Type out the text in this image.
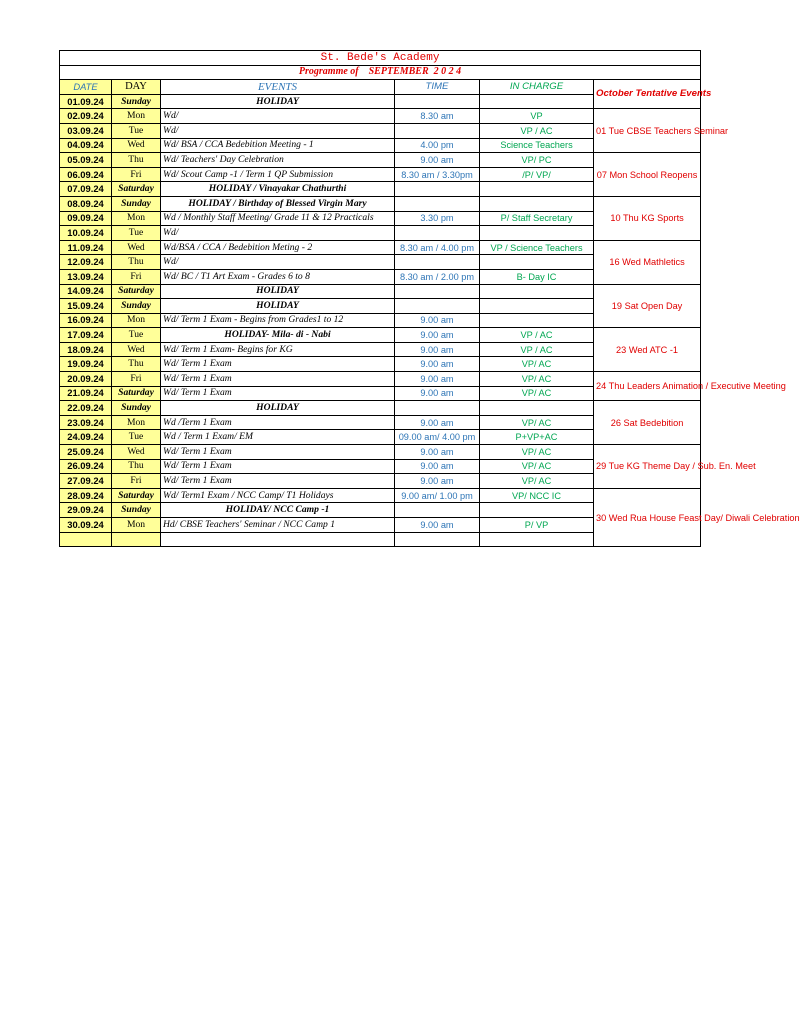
St. Bede's Academy						
Programme of    SEPTEMBER  2 0 2 4						
DATE	DAY	EVENTS	TIME	IN CHARGE	October Tentative Events	
01.09.24	Sunday	HOLIDAY				
02.09.24	Mon	Wd/	8.30 am	VP	01 Tue CBSE Teachers Seminar	
03.09.24	Tue	Wd/		VP / AC		
04.09.24	Wed	Wd/ BSA / CCA Bedebition Meeting - 1	4.00 pm	Science Teachers		
05.09.24	Thu	Wd/ Teachers' Day Celebration	9.00 am	VP/ PC	07 Mon School Reopens	
06.09.24	Fri	Wd/ Scout Camp -1 / Term 1 QP Submission	8.30 am / 3.30pm	/P/ VP/		
07.09.24	Saturday	HOLIDAY / Vinayakar Chathurthi				
08.09.24	Sunday	HOLIDAY / Birthday of Blessed Virgin Mary			10 Thu KG Sports	
09.09.24	Mon	Wd / Monthly Staff Meeting/ Grade 11 & 12 Practicals	3.30 pm	P/ Staff Secretary		
10.09.24	Tue	Wd/				
11.09.24	Wed	Wd/BSA / CCA / Bedebition Meting - 2	8.30 am / 4.00 pm	VP / Science Teachers	16 Wed Mathletics	
12.09.24	Thu	Wd/				
13.09.24	Fri	Wd/ BC / T1 Art Exam - Grades 6 to 8	8.30 am / 2.00 pm	B- Day IC		
14.09.24	Saturday	HOLIDAY			19 Sat Open Day	
15.09.24	Sunday	HOLIDAY				
16.09.24	Mon	Wd/ Term 1 Exam - Begins from Grades1 to 12	9.00 am			
17.09.24	Tue	HOLIDAY- Mila- di - Nabi	9.00 am	VP / AC	23 Wed ATC -1	
18.09.24	Wed	Wd/ Term 1 Exam- Begins for KG	9.00 am	VP / AC		
19.09.24	Thu	Wd/ Term 1 Exam	9.00 am	VP/ AC		
20.09.24	Fri	Wd/ Term 1 Exam	9.00 am	VP/ AC	24 Thu Leaders Animation / Executive Meeting	
21.09.24	Saturday	Wd/ Term 1 Exam	9.00 am	VP/ AC		
22.09.24	Sunday	HOLIDAY			26 Sat Bedebition	
23.09.24	Mon	Wd /Term 1 Exam	9.00 am	VP/ AC		
24.09.24	Tue	Wd / Term 1 Exam/ EM	09.00 am/ 4.00 pm	P+VP+AC		
25.09.24	Wed	Wd/ Term 1 Exam	9.00 am	VP/ AC	29 Tue KG Theme Day / Sub. En. Meet	
26.09.24	Thu	Wd/ Term 1 Exam	9.00 am	VP/ AC		
27.09.24	Fri	Wd/ Term 1 Exam	9.00 am	VP/ AC		
28.09.24	Saturday	Wd/ Term1 Exam / NCC Camp/ T1 Holidays	9.00 am/ 1.00 pm	VP/ NCC IC	30 Wed Rua House Feast Day/ Diwali Celebration	
29.09.24	Sunday	HOLIDAY/ NCC Camp -1				
30.09.24	Mon	Hd/ CBSE Teachers' Seminar / NCC Camp 1	9.00 am	P/ VP		
